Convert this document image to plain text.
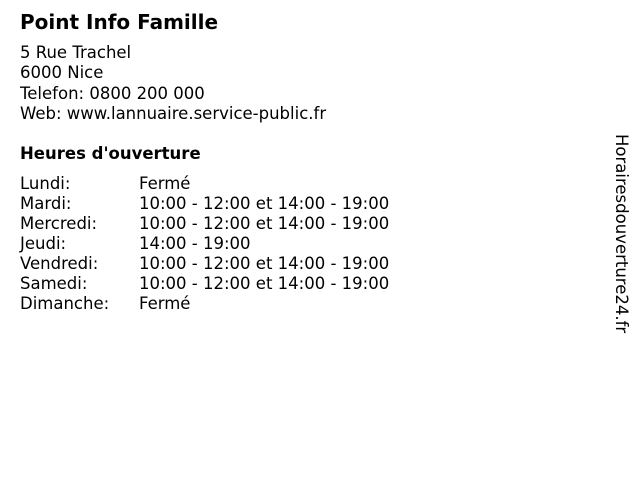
Point Info Famille
5 Rue Trachel
6000 Nice
Telefon: 0800 200 000
Web: www.lannuaire.service-public.fr
Heures d'ouverture
Lundi:	Fermé
Mardi:	10:00 - 12:00 et 14:00 - 19:00
Mercredi:	10:00 - 12:00 et 14:00 - 19:00
Jeudi:	14:00 - 19:00
Vendredi: 10:00 - 12:00 et 14:00 - 19:00
Samedi:	10:00 - 12:00 et 14:00 - 19:00
Dimanche: Fermé	Horairesdouverture24.fr
